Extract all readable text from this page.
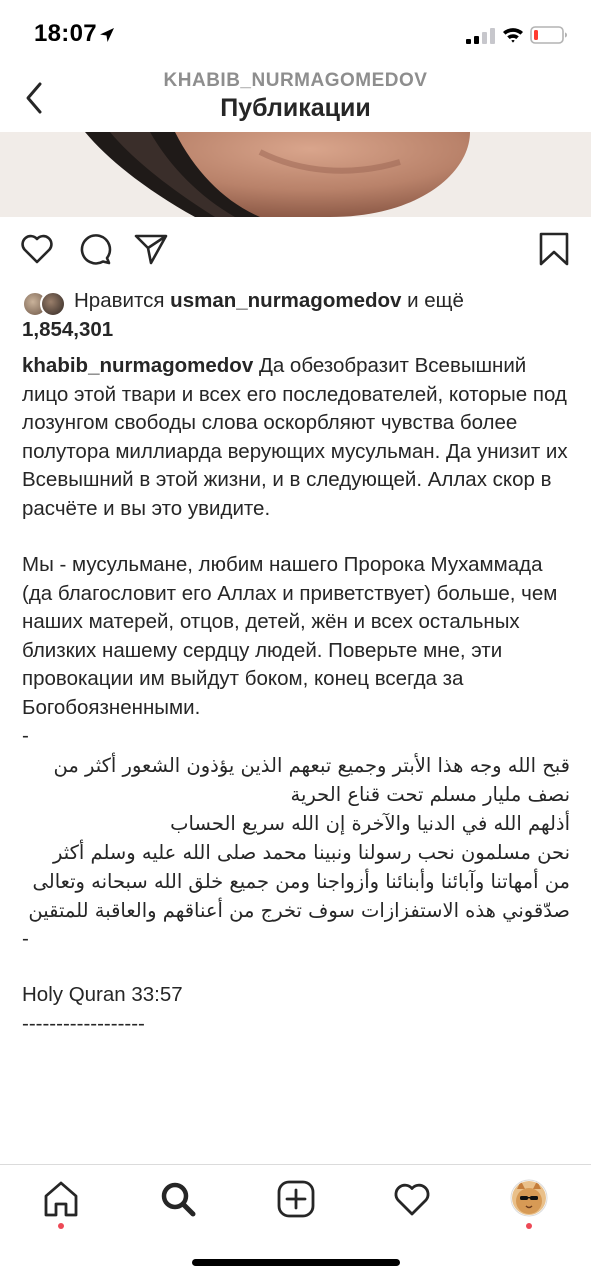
18:07
KHABIB_NURMAGOMEDOV
Публикации
Нравится usman_nurmagomedov и ещё
1,854,301

khabib_nurmagomedov Да обезобразит Всевышний лицо этой твари и всех его последователей, которые под лозунгом свободы слова оскорбляют чувства более полутора миллиарда верующих мусульман. Да унизит их Всевышний в этой жизни, и в следующей. Аллах скор в расчёте и вы это увидите.

Мы - мусульмане, любим нашего Пророка Мухаммада (да благословит его Аллах и приветствует) больше, чем наших матерей, отцов, детей, жён и всех остальных близких нашему сердцу людей. Поверьте мне, эти провокации им выйдут боком, конец всегда за Богобоязненными.

-

قبح الله وجه هذا الأبتر وجميع تبعهم الذين يؤذون الشعور أكثر من نصف مليار مسلم تحت قناع الحرية

أذلهم الله في الدنيا والآخرة إن الله سريع الحساب

نحن مسلمون نحب رسولنا ونبينا محمد صلى الله عليه وسلم أكثر من أمهاتنا وآبائنا وأبنائنا وأزواجنا ومن جميع خلق الله سبحانه وتعالى

صدّقوني هذه الاستفزازات سوف تخرج من أعناقهم والعاقبة للمتقين

-

Holy Quran 33:57

------------------
